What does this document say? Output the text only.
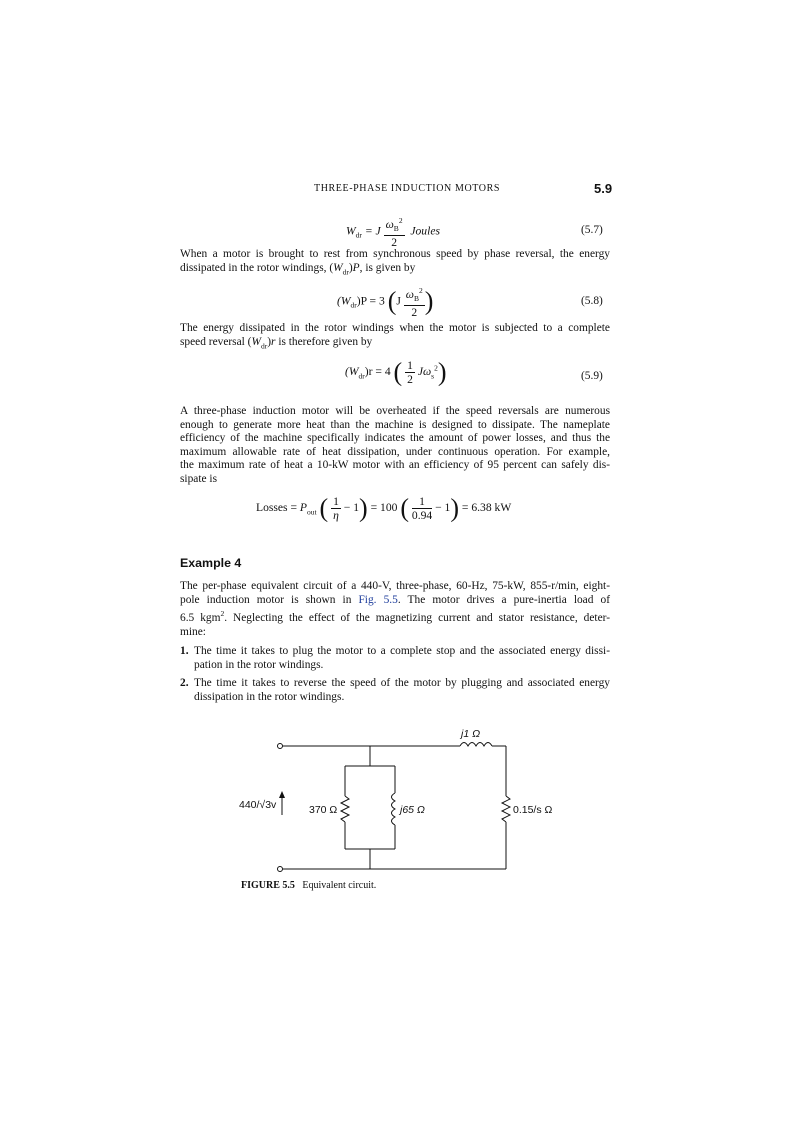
THREE-PHASE INDUCTION MOTORS	5.9
$W_{dr} = J \frac{\omega_B^2}{2}$ Joules	(5.7)
When a motor is brought to rest from synchronous speed by phase reversal, the energy
dissipated in the rotor windings, $(W_{dr})P$, is given by
$(W_{dr})P = 3$ ($J \frac{\omega_B^2}{2}$ )	(5.8)
The energy dissipated in the rotor windings when the motor is subjected to a complete
speed reversal $(W_{dr})r$ is therefore given by
$(W_{dr})r = 4$ ( $\frac{1}{2} J\omega_s^2$)	(5.9)
A three-phase induction motor will be overheated if the speed reversals are numerous
enough to generate more heat than the machine is designed to dissipate. The nameplate
efficiency of the machine specifically indicates the amount of power losses, and thus the
maximum allowable rate of heat dissipation, under continuous operation. For example,
the maximum rate of heat a 10-kW motor with an efficiency of 95 percent can safely dis-
sipate is
Losses = $P_{out}$ ( $\frac{1}{\eta} - 1) = 100$ ( $\frac{1}{0.94} - 1) = 6.38$ kW
Example 4
The per-phase equivalent circuit of a 440-V, three-phase, 60-Hz, 75-kW, 855-r/min, eight-
pole induction motor is shown in Fig. 5.5. The motor drives a pure-inertia load of
6.5 kgm$^2$. Neglecting the effect of the magnetizing current and stator resistance, deter-
mine:
1. The time it takes to plug the motor to a complete stop and the associated energy dissi-
pation in the rotor windings.
2. The time it takes to reverse the speed of the motor by plugging and associated energy
dissipation in the rotor windings.
440/√3v	370 Ω	j65 Ω
j1 Ω
0.15/s Ω
FIGURE 5.5 Equivalent circuit.
